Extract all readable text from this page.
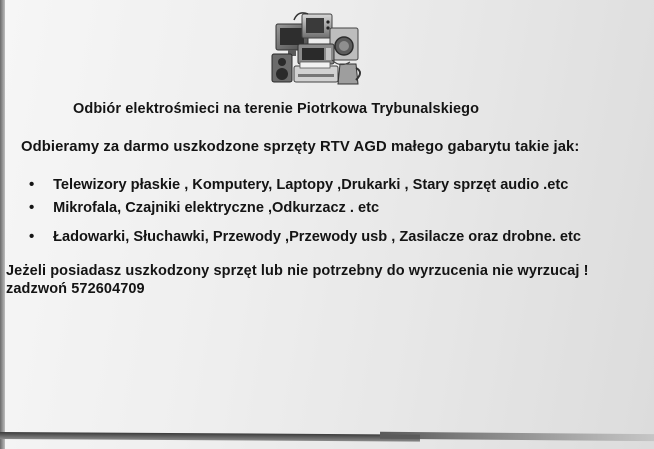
Odbiór elektrośmieci na terenie Piotrkowa Trybunalskiego
Odbieramy za darmo uszkodzone sprzęty RTV AGD małego gabarytu takie jak:
• Telewizory płaskie , Komputery, Laptopy ,Drukarki , Stary sprzęt audio .etc
• Mikrofala, Czajniki elektryczne ,Odkurzacz . etc
• Ładowarki, Słuchawki, Przewody ,Przewody usb , Zasilacze oraz drobne. etc
Jeżeli posiadasz uszkodzony sprzęt lub nie potrzebny do wyrzucenia nie wyrzucaj !
zadzwoń 572604709
